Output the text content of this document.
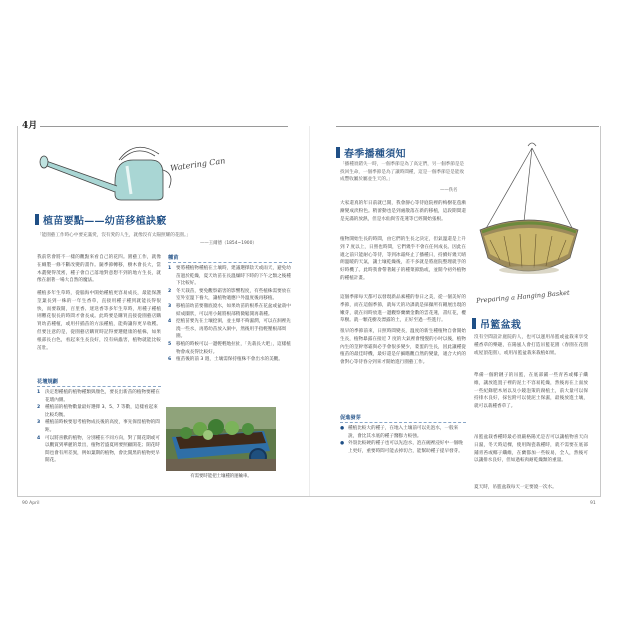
4月
Watering Can
植苗要點——幼苗移植訣竅
「能園藝工作時心中要充滿愛，沒有愛的人生，就像沒有太陽照耀的花園。」
——王爾德（1854~1900）
我前常會將不一樣的觀點來看自己的花四。園藝工作，就像在織製一條不斷改變的畫作。隨季節轉移，樹木會長大，當木叢變得茂密，種子會自己落地對意想不到的地方生長，就像在創著一場大自然的魔法。
種植多年生草時，從腦海中開始種植更容易成長，最能保護莖葉長到一株的一年生香草，直接用種子種到就能長得很快，而要栽開，百里香、迷迭香等多年生草時，用種子種植則難花很長的時間才會長成。此時要是購買直接從園藝店購買幼苗種植，或用扦插苗的方法種植，能夠讓你更早收穫。但要注意的是，從園藝店購買時記得要選健康的植株，如果根部長白色，看起來生長良好，沒有病蟲害，植物就能比較茁壯。
花壇規劃
1	決定想種植的植物種類與顏色，要長出新苗的植物要種在花壇內側。
2	種植前的植物數量最好選擇 3、5、7 等數，這樣看起來比較均衡。
3	種植前時候要思考植物成長後的高度，事先保留植物的間距。
4	可以將喜歡的植物，分別種在不同方向，對了開花期或可以觀賞到華麗的景出，植物若盛夏則要照顧開花；開花時間也會有所差異，例如葉期的植物，會比開黑的植物更早開花。
種苗
1	要將種植物種植在土壤時，建議選擇陰天或雨天，避免幼苗過於乾燥，夏天幼苗在長溫燥時下時的下午之類之後種下比較好。
2	冬天栽苗，要免觀察霜害的影響程度，有些植株需要放在室外室溫下養大，讓植物適應戶外溫度後再移植。
3	移植前幼苗要徹底澆水，如果幼苗的根系在花盆或盆栽中結成團狀，可以用小鏟將根部稍微鬆開再栽種。
4	挖植苗要先在土壤挖洞，並主爆不夠濕潤，可以在洞裡先澆一些水，再將幼苗放入洞中，然後用手指輕壓根部周圍。
5	移植的時候可以一邊輕輕地拉扯，「先栽長大吧」，這樣植物會成長得比較好。
6	植苗後的前 3 週，土壤需保持植株不會出水的美觀。
有需要時能把土壤種的運輸車。
90 April
春季播種須知
「播種須錯失一時，一個季節是為了高定們，另一個季節是是找回生命，一個季節是為了讓時間種，這是一個季節是是能收成豐收屬於屬並生天的。」
——佚名
大家還真的年日前就已開，我會靜心等待庭院裡的梅樹花苞漸漸變成淡粉色。稍蕾動也是到處散落在新的移植，這段期間還是充滿的放熱，但是水仙與雪花蓮等已經開始張根。
植物開始生長的時間，由它們的生長之決定，但氣溫還是上升到 7 度以上，日照也時間，它們幾乎不會在任何成長。因此在適之前只能耐心等待，等到冰霜終止了播種日，持續好幾天晴朗溫暖的天氣，讓土壤乾燥後，差不多就是將庭院整理就手的好時機了。此時我會帶著鏟子的種菜節點或，並開今初外植物的種植計畫。
這個季節每天都可以發現新品素種的春日之美，從一個美好的季節，而在這個季節，就每天的功課就是採擷所有剛展出現的嫩芽，就在同時放進一邊觀察蘭蘭金數的雲花蓮，書紅花，櫻草樹。就一顆花樹及漂露的土，正好至過一些進行。
很早的季節前來，日照時間變長，溫度的新生種植物自會開始生長，植物暴露在接近 7 度的大氣裡會慢慢的小吋以後，植物內生的莖幹寒霜與必手會很多變少，萎蛋的生長，因此讓種從植苗的最佳時機，最好還是仔細瞧觀自然的變量，適合大約的會對心等待春分到來才開始進行園藝工作。
促進發芽
● 種植比較大的種子，在地入土壤前可以先泡水，一般來說，會比其水底的種子醫膨力較強。
● 外殼比較硬的種子也可以先泡水，泡在碗裡浸好中一個晚上更好，重要時間可能去掉切合，能幫助種子提早發芽。
Preparing a Hanging Basket
吊籃盆栽
沒有空間設計庭院的人，也可以運用吊籃或盆栽來享受種香草的樂趣，在陽風人會打造吊籃花園（春園在花園或屋頂花園），或用吊籃盆栽來栽植如果。
準備一個附鏈子的吊籃，在底部鋪一些青苔或椰子纖維，讓放進置子裡的泥土不容易乾燥，然後再在上面放一些紀錄肥木屑以及小鏡泡策的腐植土，前大量可以保持排水良好，採包附可以使泥土保濕，最後放進土壤，就可以栽種香草了。
吊籃盆栽香種時最必須嚴格陽光是否可以讓植物喜天向日濕，冬天時這棵，使用陶瓷栽種時，就不需要在底部鋪青苔或椰子纖維，在蘭都加一些較易，全人，然後可以讓排水良好，但如過較肉耐乾燥類的重量。
夏天時，吊籃盆栽每天一定要澆一次水。
91
